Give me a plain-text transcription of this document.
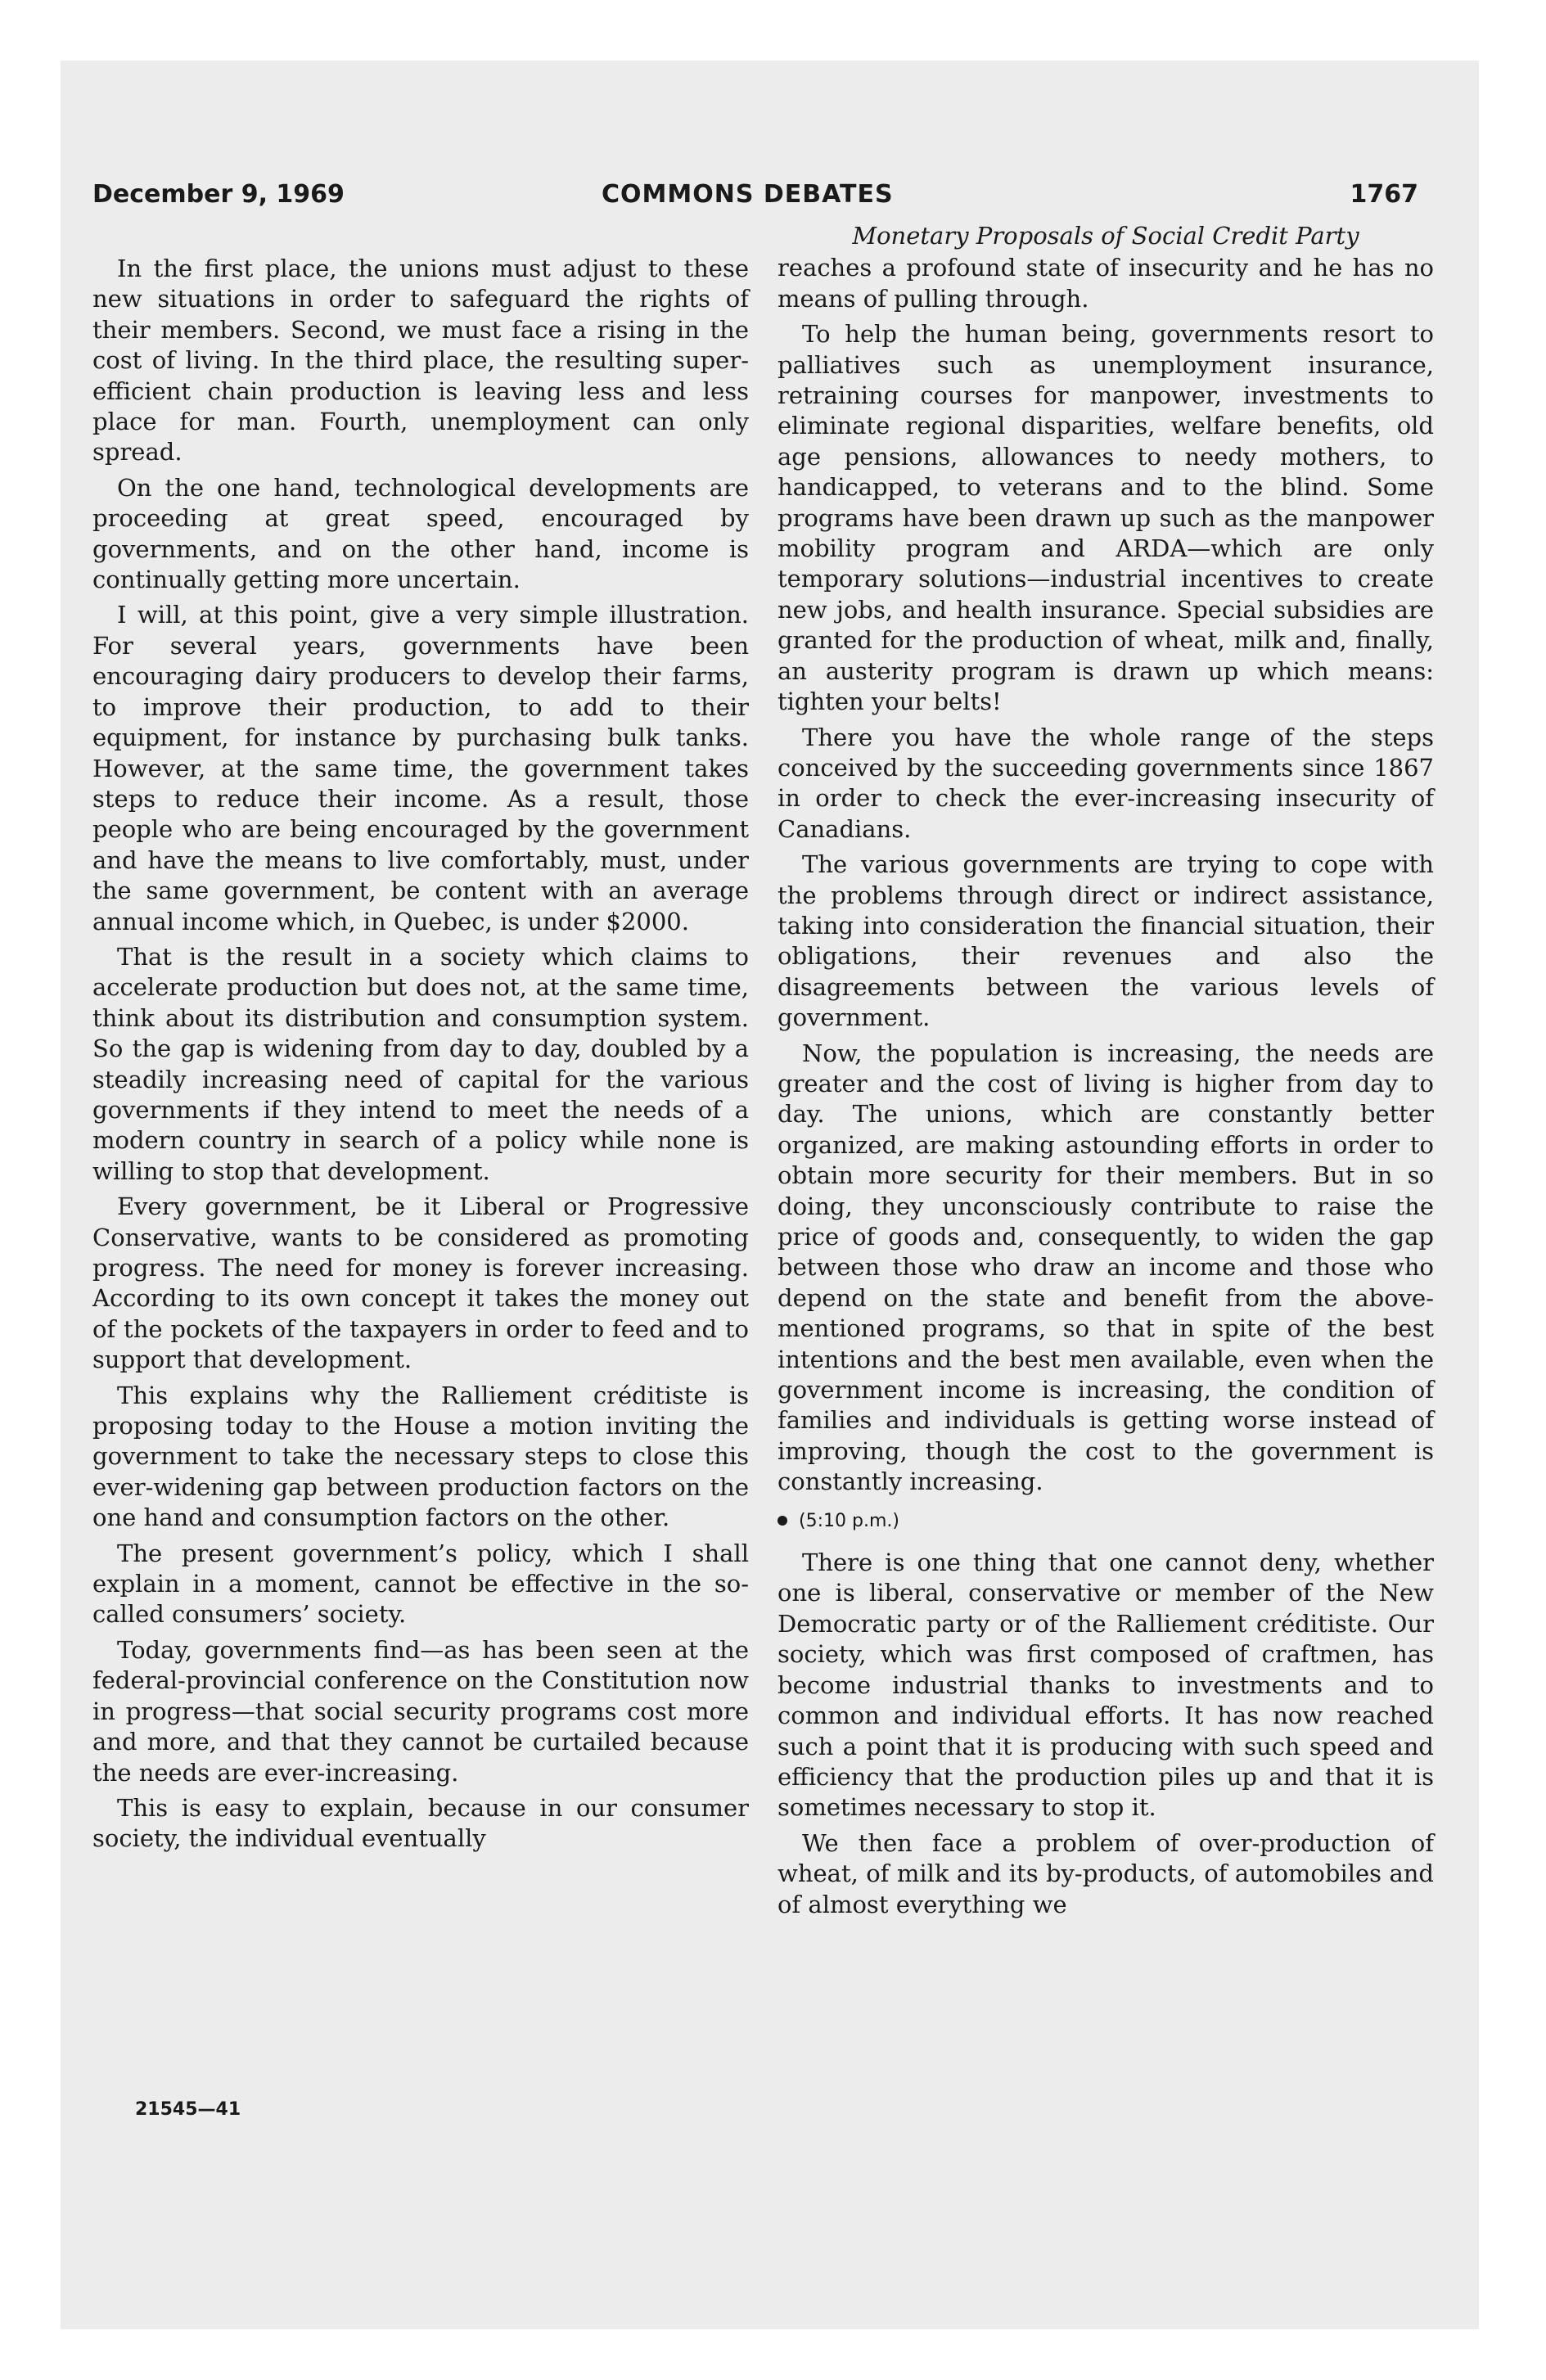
December 9, 1969	COMMONS DEBATES	1767

In the first place, the unions must adjust to these new situations in order to safeguard the rights of their members. Second, we must face a rising in the cost of living. In the third place, the resulting super-efficient chain production is leaving less and less place for man. Fourth, unemployment can only spread.

On the one hand, technological developments are proceeding at great speed, encouraged by governments, and on the other hand, income is continually getting more uncertain.

I will, at this point, give a very simple illustration. For several years, governments have been encouraging dairy producers to develop their farms, to improve their production, to add to their equipment, for instance by purchasing bulk tanks. However, at the same time, the government takes steps to reduce their income. As a result, those people who are being encouraged by the government and have the means to live comfortably, must, under the same government, be content with an average annual income which, in Quebec, is under $2000.

That is the result in a society which claims to accelerate production but does not, at the same time, think about its distribution and consumption system. So the gap is widening from day to day, doubled by a steadily increasing need of capital for the various governments if they intend to meet the needs of a modern country in search of a policy while none is willing to stop that development.

Every government, be it Liberal or Progressive Conservative, wants to be considered as promoting progress. The need for money is forever increasing. According to its own concept it takes the money out of the pockets of the taxpayers in order to feed and to support that development.

This explains why the Ralliement créditiste is proposing today to the House a motion inviting the government to take the necessary steps to close this ever-widening gap between production factors on the one hand and consumption factors on the other.

The present government’s policy, which I shall explain in a moment, cannot be effective in the so-called consumers’ society.

Today, governments find—as has been seen at the federal-provincial conference on the Constitution now in progress—that social security programs cost more and more, and that they cannot be curtailed because the needs are ever-increasing.

This is easy to explain, because in our consumer society, the individual eventually

Monetary Proposals of Social Credit Party

reaches a profound state of insecurity and he has no means of pulling through.

To help the human being, governments resort to palliatives such as unemployment insurance, retraining courses for manpower, investments to eliminate regional disparities, welfare benefits, old age pensions, allowances to needy mothers, to handicapped, to veterans and to the blind. Some programs have been drawn up such as the manpower mobility program and ARDA—which are only temporary solutions—industrial incentives to create new jobs, and health insurance. Special subsidies are granted for the production of wheat, milk and, finally, an austerity program is drawn up which means: tighten your belts!

There you have the whole range of the steps conceived by the succeeding governments since 1867 in order to check the ever-increasing insecurity of Canadians.

The various governments are trying to cope with the problems through direct or indirect assistance, taking into consideration the financial situation, their obligations, their revenues and also the disagreements between the various levels of government.

Now, the population is increasing, the needs are greater and the cost of living is higher from day to day. The unions, which are constantly better organized, are making astounding efforts in order to obtain more security for their members. But in so doing, they unconsciously contribute to raise the price of goods and, consequently, to widen the gap between those who draw an income and those who depend on the state and benefit from the above-mentioned programs, so that in spite of the best intentions and the best men available, even when the government income is increasing, the condition of families and individuals is getting worse instead of improving, though the cost to the government is constantly increasing.

(5:10 p.m.)

There is one thing that one cannot deny, whether one is liberal, conservative or member of the New Democratic party or of the Ralliement créditiste. Our society, which was first composed of craftmen, has become industrial thanks to investments and to common and individual efforts. It has now reached such a point that it is producing with such speed and efficiency that the production piles up and that it is sometimes necessary to stop it.

We then face a problem of over-production of wheat, of milk and its by-products, of automobiles and of almost everything we

21545—41
